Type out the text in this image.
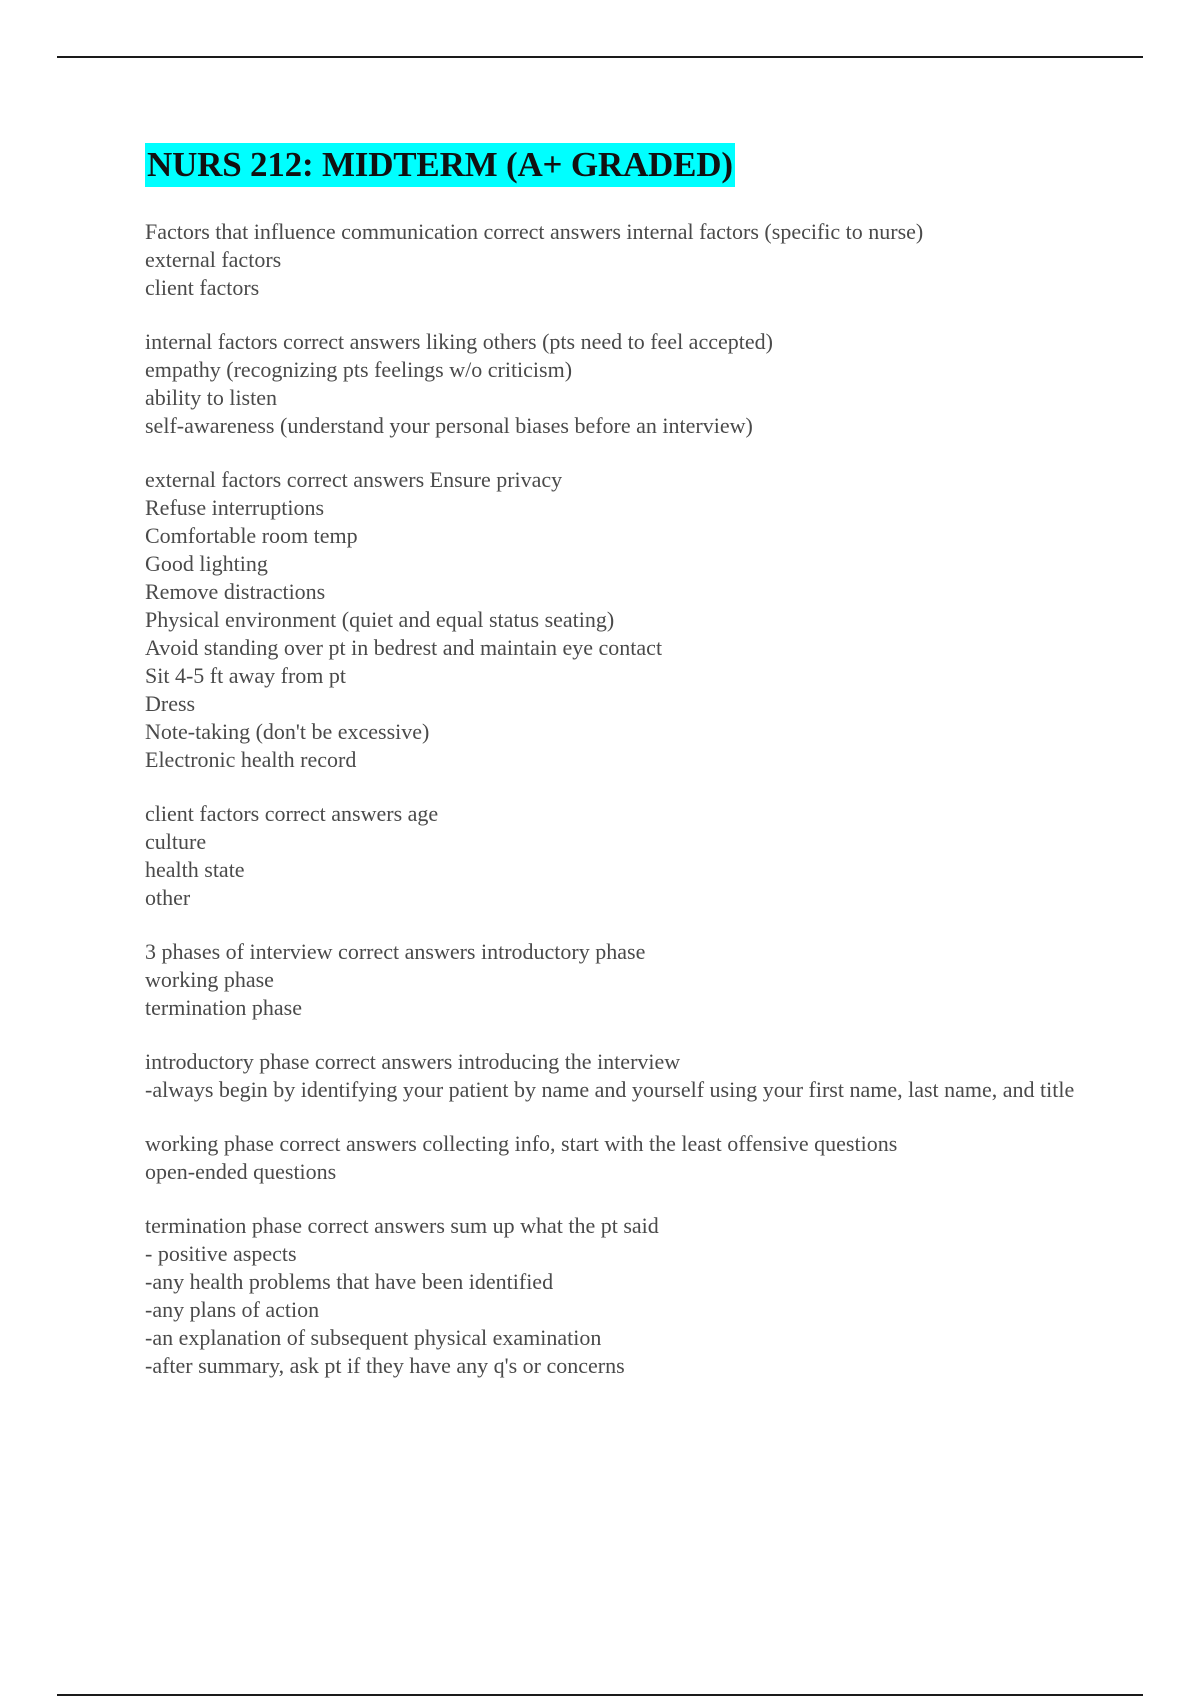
NURS 212: MIDTERM (A+ GRADED)
Factors that influence communication correct answers internal factors (specific to nurse)
external factors
client factors
internal factors correct answers liking others (pts need to feel accepted)
empathy (recognizing pts feelings w/o criticism)
ability to listen
self-awareness (understand your personal biases before an interview)
external factors correct answers Ensure privacy
Refuse interruptions
Comfortable room temp
Good lighting
Remove distractions
Physical environment (quiet and equal status seating)
Avoid standing over pt in bedrest and maintain eye contact
Sit 4-5 ft away from pt
Dress
Note-taking (don't be excessive)
Electronic health record
client factors correct answers age
culture
health state
other
3 phases of interview correct answers introductory phase
working phase
termination phase
introductory phase correct answers introducing the interview
-always begin by identifying your patient by name and yourself using your first name, last name, and title
working phase correct answers collecting info, start with the least offensive questions
open-ended questions
termination phase correct answers sum up what the pt said
- positive aspects
-any health problems that have been identified
-any plans of action
-an explanation of subsequent physical examination
-after summary, ask pt if they have any q's or concerns
